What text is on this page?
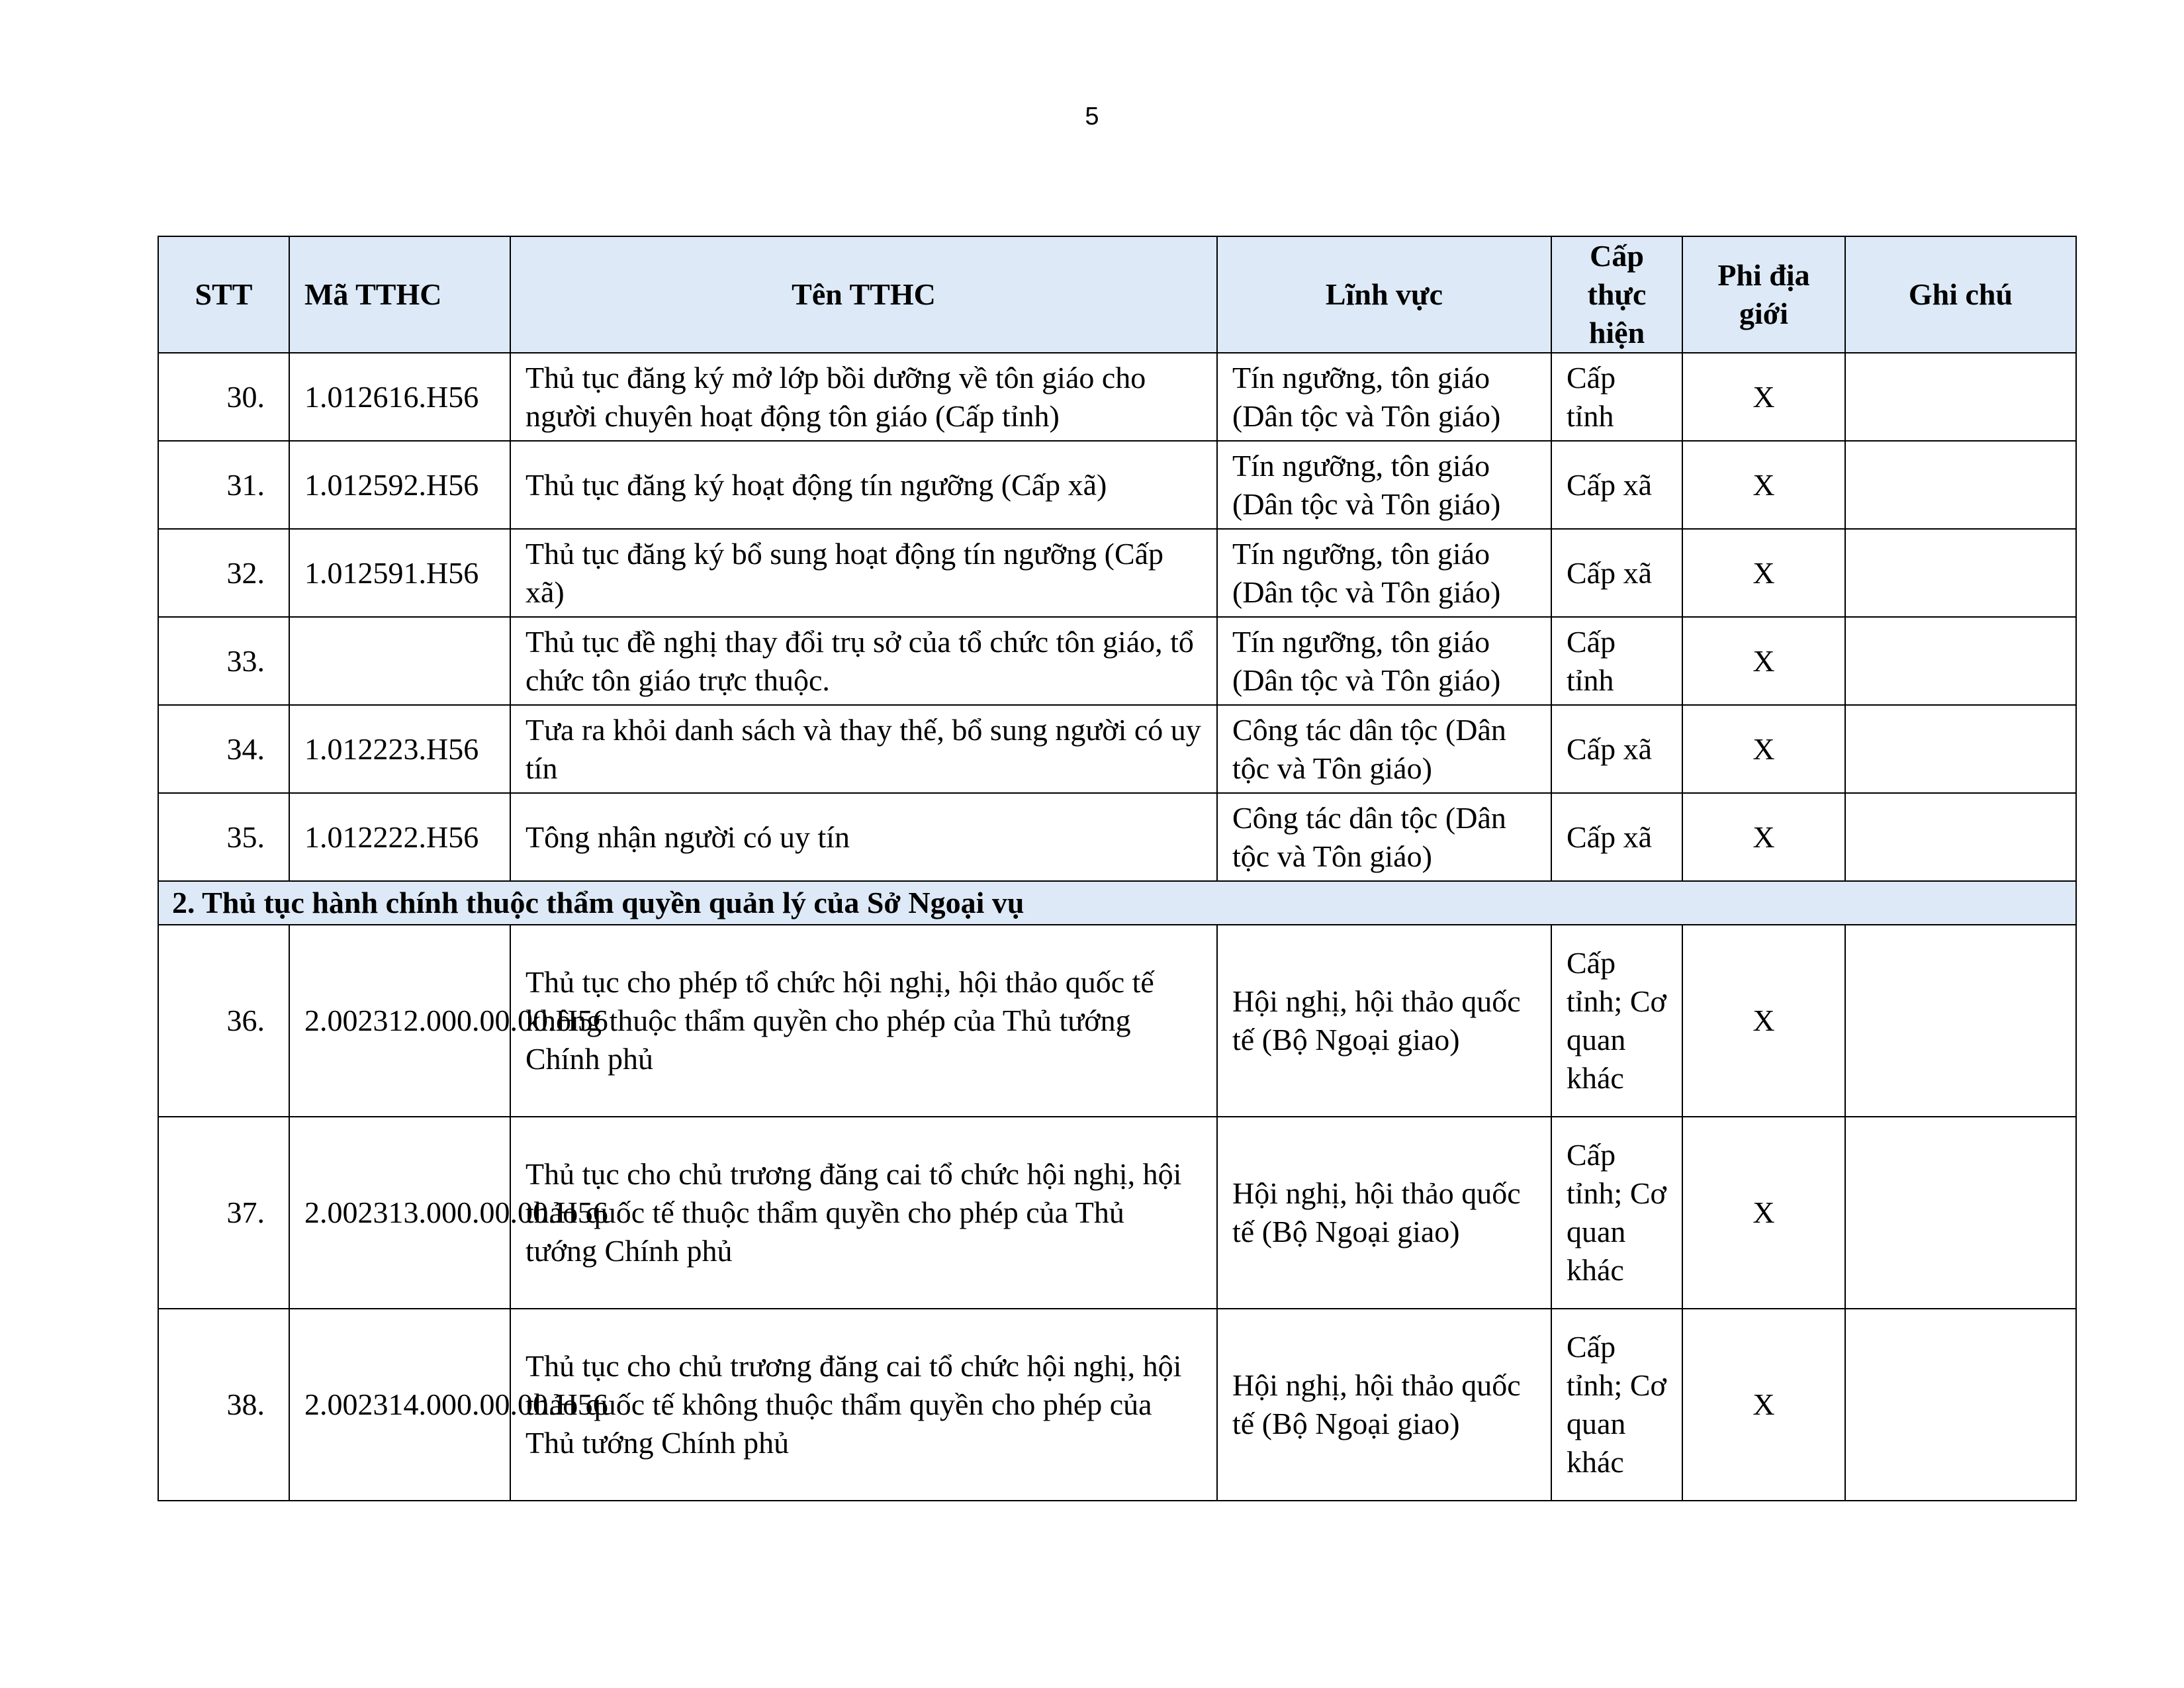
5
STT	Mã TTHC	Tên TTHC	Lĩnh vực	Cấp thực hiện	Phi địa giới	Ghi chú
30.	1.012616.H56	Thủ tục đăng ký mở lớp bồi dưỡng về tôn giáo cho người chuyên hoạt động tôn giáo (Cấp tỉnh)	Tín ngưỡng, tôn giáo (Dân tộc và Tôn giáo)	Cấp tỉnh	X	
31.	1.012592.H56	Thủ tục đăng ký hoạt động tín ngưỡng (Cấp xã)	Tín ngưỡng, tôn giáo (Dân tộc và Tôn giáo)	Cấp xã	X	
32.	1.012591.H56	Thủ tục đăng ký bổ sung hoạt động tín ngưỡng (Cấp xã)	Tín ngưỡng, tôn giáo (Dân tộc và Tôn giáo)	Cấp xã	X	
33.		Thủ tục đề nghị thay đổi trụ sở của tổ chức tôn giáo, tổ chức tôn giáo trực thuộc.	Tín ngưỡng, tôn giáo (Dân tộc và Tôn giáo)	Cấp tỉnh	X	
34.	1.012223.H56	Tưa ra khỏi danh sách và thay thế, bổ sung người có uy tín	Công tác dân tộc (Dân tộc và Tôn giáo)	Cấp xã	X	
35.	1.012222.H56	Tông nhận người có uy tín	Công tác dân tộc (Dân tộc và Tôn giáo)	Cấp xã	X	
2. Thủ tục hành chính thuộc thẩm quyền quản lý của Sở Ngoại vụ						
36.	2.002312.000.00.00.H56	Thủ tục cho phép tổ chức hội nghị, hội thảo quốc tế không thuộc thẩm quyền cho phép của Thủ tướng Chính phủ	Hội nghị, hội thảo quốc tế (Bộ Ngoại giao)	Cấp tỉnh; Cơ quan khác	X	
37.	2.002313.000.00.00.H56	Thủ tục cho chủ trương đăng cai tổ chức hội nghị, hội thảo quốc tế thuộc thẩm quyền cho phép của Thủ tướng Chính phủ	Hội nghị, hội thảo quốc tế (Bộ Ngoại giao)	Cấp tỉnh; Cơ quan khác	X	
38.	2.002314.000.00.00.H56	Thủ tục cho chủ trương đăng cai tổ chức hội nghị, hội thảo quốc tế không thuộc thẩm quyền cho phép của Thủ tướng Chính phủ	Hội nghị, hội thảo quốc tế (Bộ Ngoại giao)	Cấp tỉnh; Cơ quan khác	X	
